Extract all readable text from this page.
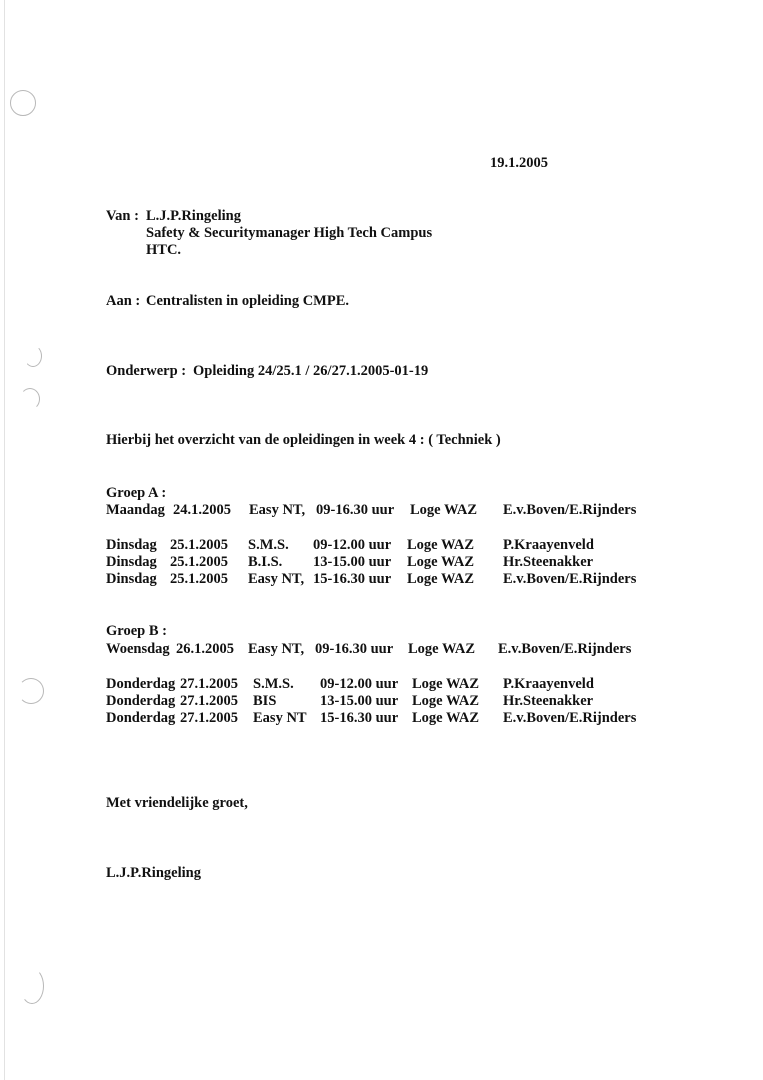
19.1.2005
Van : L.J.P.Ringeling
Safety & Securitymanager High Tech Campus
HTC.
Aan : Centralisten in opleiding CMPE.
Onderwerp : Opleiding 24/25.1 / 26/27.1.2005-01-19
Hierbij het overzicht van de opleidingen in week 4 : ( Techniek )
Groep A :
Maandag 24.1.2005 Easy NT, 09-16.30 uur Loge WAZ E.v.Boven/E.Rijnders
Dinsdag 25.1.2005 S.M.S. 09-12.00 uur Loge WAZ P.Kraayenveld
Dinsdag 25.1.2005 B.I.S. 13-15.00 uur Loge WAZ Hr.Steenakker
Dinsdag 25.1.2005 Easy NT, 15-16.30 uur Loge WAZ E.v.Boven/E.Rijnders
Groep B :
Woensdag 26.1.2005 Easy NT, 09-16.30 uur Loge WAZ E.v.Boven/E.Rijnders
Donderdag 27.1.2005 S.M.S. 09-12.00 uur Loge WAZ P.Kraayenveld
Donderdag 27.1.2005 BIS	13-15.00 uur Loge WAZ Hr.Steenakker
Donderdag 27.1.2005 Easy NT 15-16.30 uur Loge WAZ E.v.Boven/E.Rijnders
Met vriendelijke groet,
L.J.P.Ringeling
